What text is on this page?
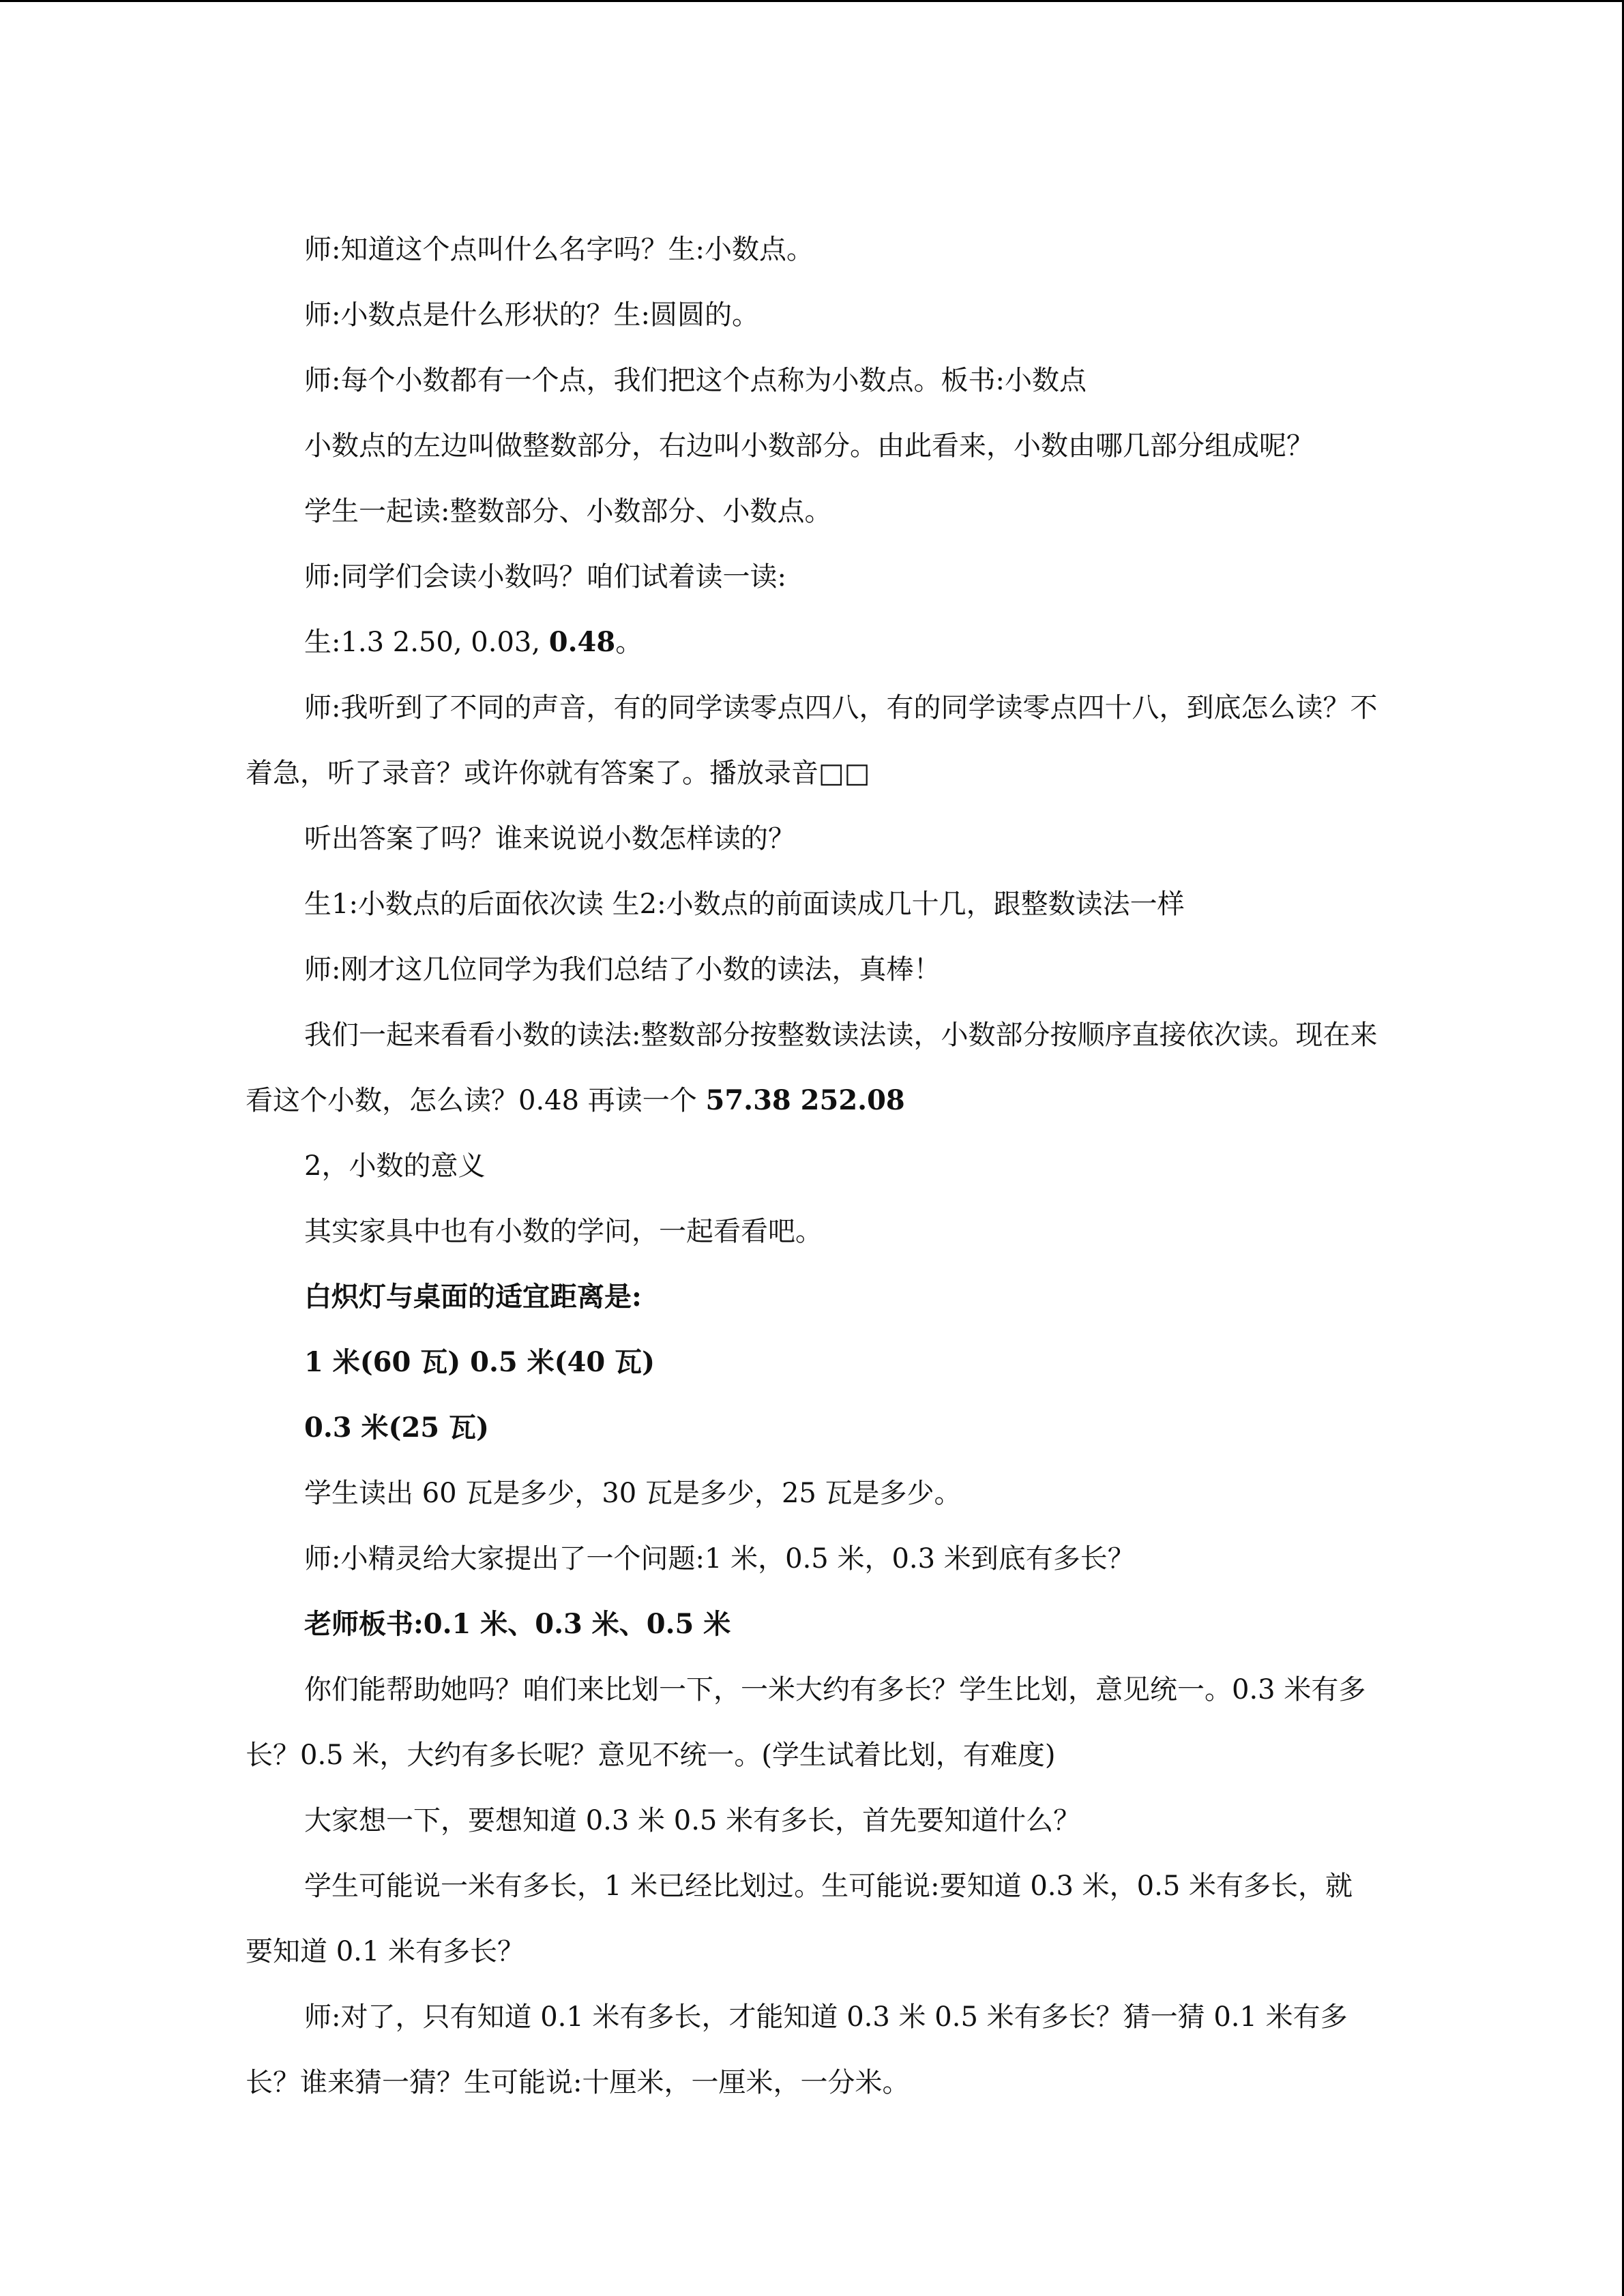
师:知道这个点叫什么名字吗？生:小数点。

师:小数点是什么形状的？生:圆圆的。

师:每个小数都有一个点，我们把这个点称为小数点。板书:小数点

小数点的左边叫做整数部分，右边叫小数部分。由此看来，小数由哪几部分组成呢？

学生一起读:整数部分、小数部分、小数点。

师:同学们会读小数吗？咱们试着读一读:

生:1.3 2.50, 0.03, 0.48。

师:我听到了不同的声音，有的同学读零点四八，有的同学读零点四十八，到底怎么读？不着急，听了录音？或许你就有答案了。播放录音□□

听出答案了吗？谁来说说小数怎样读的？

生1:小数点的后面依次读 生2:小数点的前面读成几十几，跟整数读法一样

师:刚才这几位同学为我们总结了小数的读法，真棒！

我们一起来看看小数的读法:整数部分按整数读法读，小数部分按顺序直接依次读。现在来看这个小数，怎么读？0.48 再读一个 57.38 252.08

2，小数的意义

其实家具中也有小数的学问，一起看看吧。

白炽灯与桌面的适宜距离是:

1 米(60 瓦) 0.5 米(40 瓦)

0.3 米(25 瓦)

学生读出 60 瓦是多少，30 瓦是多少，25 瓦是多少。

师:小精灵给大家提出了一个问题:1 米，0.5 米，0.3 米到底有多长？

老师板书:0.1 米、0.3 米、0.5 米

你们能帮助她吗？咱们来比划一下，一米大约有多长？学生比划，意见统一。0.3 米有多长？0.5 米，大约有多长呢？意见不统一。(学生试着比划，有难度)

大家想一下，要想知道 0.3 米 0.5 米有多长，首先要知道什么？

学生可能说一米有多长，1 米已经比划过。生可能说:要知道 0.3 米，0.5 米有多长，就要知道 0.1 米有多长？

师:对了，只有知道 0.1 米有多长，才能知道 0.3 米 0.5 米有多长？猜一猜 0.1 米有多长？谁来猜一猜？生可能说:十厘米，一厘米，一分米。
